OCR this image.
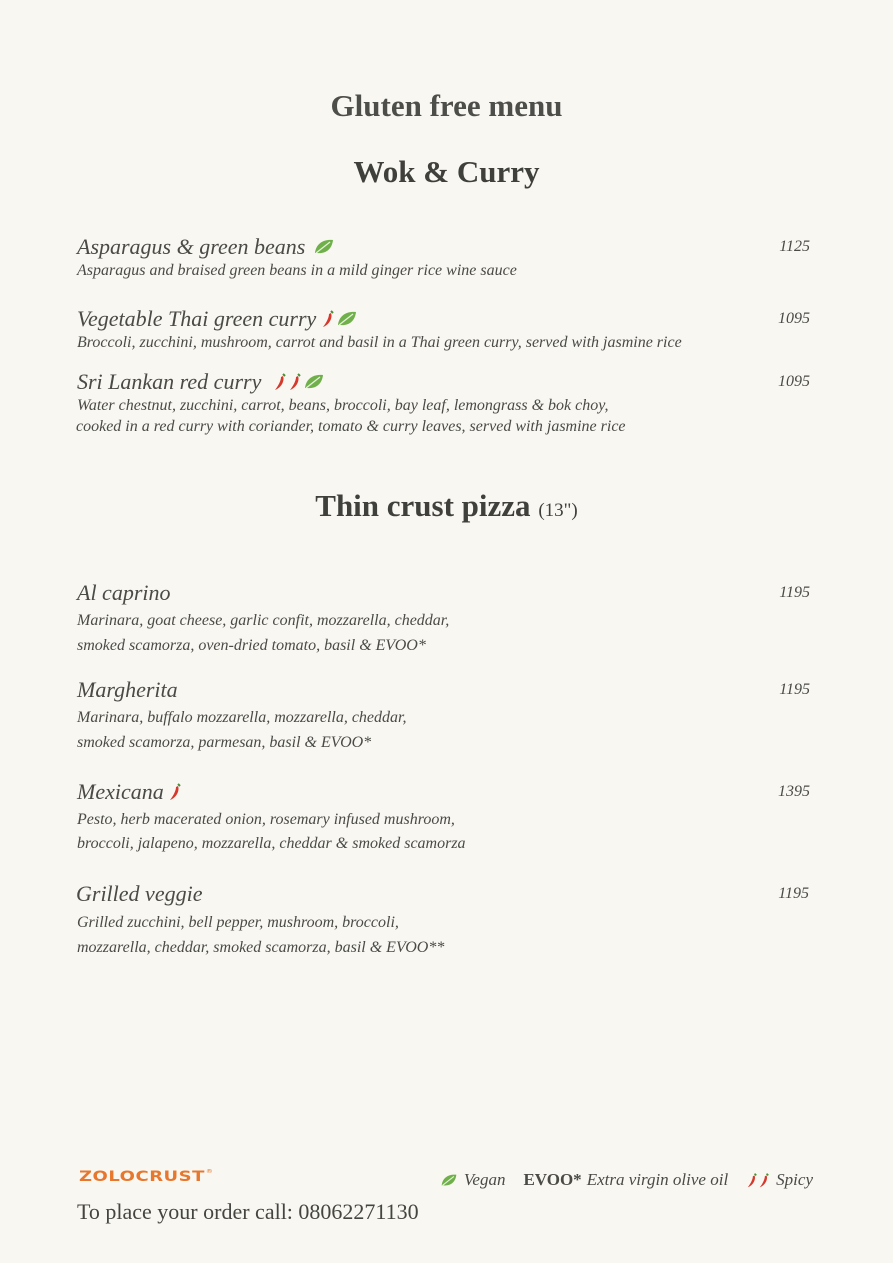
Gluten free menu
Wok & Curry
Asparagus & green beans	1125
Asparagus and braised green beans in a mild ginger rice wine sauce
Vegetable Thai green curry	1095
Broccoli, zucchini, mushroom, carrot and basil in a Thai green curry, served with jasmine rice
Sri Lankan red curry	1095
Water chestnut, zucchini, carrot, beans, broccoli, bay leaf, lemongrass & bok choy,
cooked in a red curry with coriander, tomato & curry leaves, served with jasmine rice
Thin crust pizza (13")
Al caprino	1195
Marinara, goat cheese, garlic confit, mozzarella, cheddar,
smoked scamorza, oven-dried tomato, basil & EVOO*
Margherita	1195
Marinara, buffalo mozzarella, mozzarella, cheddar,
smoked scamorza, parmesan, basil & EVOO*
Mexicana	1395
Pesto, herb macerated onion, rosemary infused mushroom,
broccoli, jalapeno, mozzarella, cheddar & smoked scamorza
Grilled veggie	1195
Grilled zucchini, bell pepper, mushroom, broccoli,
mozzarella, cheddar, smoked scamorza, basil & EVOO**
ZOLOCRUST®
To place your order call: 08062271130
Vegan EVOO* Extra virgin olive oil	Spicy
